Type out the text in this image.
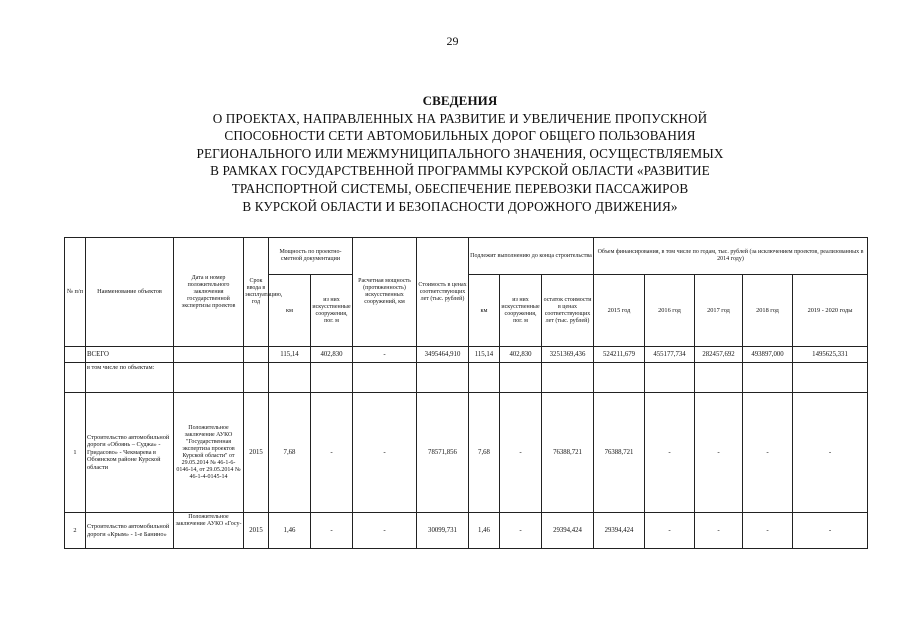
29
СВЕДЕНИЯ
О ПРОЕКТАХ, НАПРАВЛЕННЫХ НА РАЗВИТИЕ И УВЕЛИЧЕНИЕ ПРОПУСКНОЙ
СПОСОБНОСТИ СЕТИ АВТОМОБИЛЬНЫХ ДОРОГ ОБЩЕГО ПОЛЬЗОВАНИЯ
РЕГИОНАЛЬНОГО ИЛИ МЕЖМУНИЦИПАЛЬНОГО ЗНАЧЕНИЯ, ОСУЩЕСТВЛЯЕМЫХ
В РАМКАХ ГОСУДАРСТВЕННОЙ ПРОГРАММЫ КУРСКОЙ ОБЛАСТИ «РАЗВИТИЕ
ТРАНСПОРТНОЙ СИСТЕМЫ, ОБЕСПЕЧЕНИЕ ПЕРЕВОЗКИ ПАССАЖИРОВ
В КУРСКОЙ ОБЛАСТИ И БЕЗОПАСНОСТИ ДОРОЖНОГО ДВИЖЕНИЯ»
№ п/п	Наименование объектов	Дата и номер положительного заключения государственной экспертизы проектов	Срок ввода в эксплуатацию, год	Мощность по проектно-сметной документации		Расчетная мощность (протяженность) искусственных сооружений, км	Стоимость в ценах соответствующих лет (тыс. рублей)	Подлежит выполнению до конца строительства			Объем финансирования, в том числе по годам, тыс. рублей (за исключением проектов, реализованных в 2014 году)				
				км	из них искусственные сооружения, пог. м			км	из них искусственные сооружения, пог. м	остаток стоимости в ценах соответствующих лет (тыс. рублей)	2015 год	2016 год	2017 год	2018 год	2019 - 2020 годы
	ВСЕГО			115,14	402,830	-	3495464,910	115,14	402,830	3251369,436	524211,679	455177,734	282457,692	493897,000	1495625,331
	в том числе по объектам:														
1	Строительство автомобильной дороги «Обоянь – Суджа» - Гридасово» - Чекмарева в Обоянском районе Курской области	Положительное заключение АУКО "Государственная экспертиза проектов Курской области" от 29.05.2014 № 46-1-6-0146-14, от 29.05.2014 № 46-1-4-0145-14	2015	7,68	-	-	78571,856	7,68	-	76388,721	76388,721	-	-	-	-
2	Строительство автомобильной дороги «Крым» - 1-е Банино»	Положительное заключение АУКО «Госу-	2015	1,46	-	-	30099,731	1,46	-	29394,424	29394,424	-	-	-	-
